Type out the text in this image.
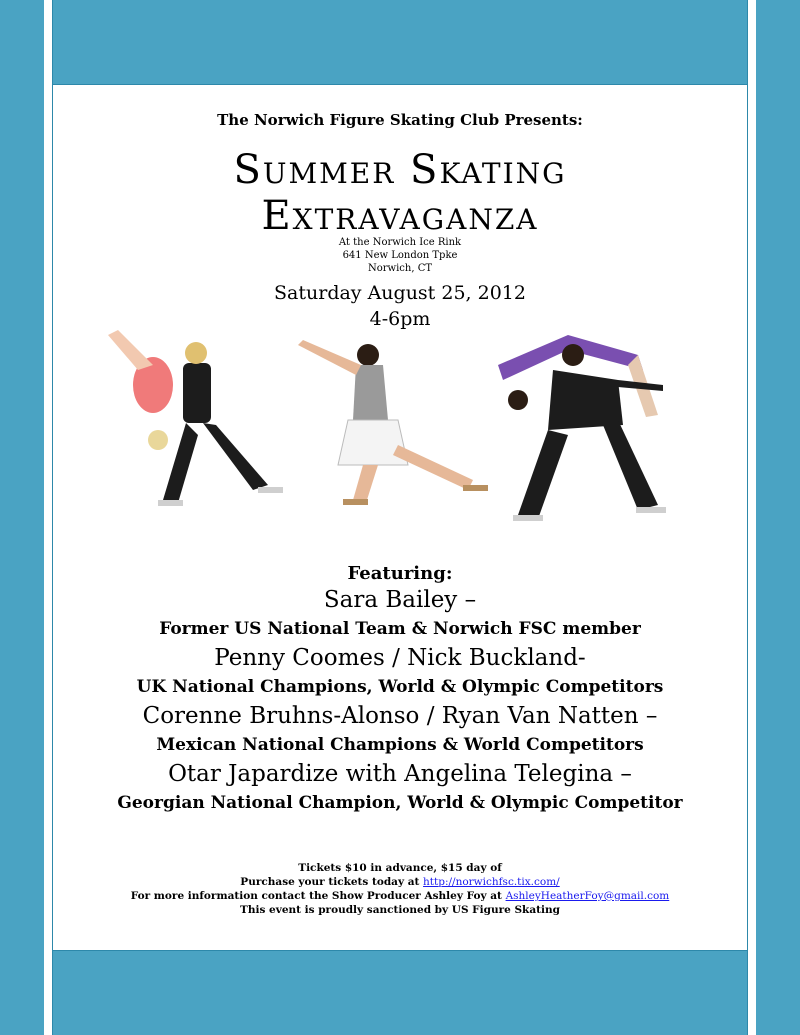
The Norwich Figure Skating Club Presents:
Summer Skating
Extravaganza
At the Norwich Ice Rink
641 New London Tpke
Norwich, CT
Saturday August 25, 2012
4-6pm
Featuring:
Sara Bailey –
Former US National Team & Norwich FSC member
Penny Coomes / Nick Buckland-
UK National Champions, World & Olympic Competitors
Corenne Bruhns-Alonso / Ryan Van Natten –
Mexican National Champions & World Competitors
Otar Japardize with Angelina Telegina –
Georgian National Champion, World & Olympic Competitor
Tickets $10 in advance, $15 day of
Purchase your tickets today at http://norwichfsc.tix.com/
For more information contact the Show Producer Ashley Foy at AshleyHeatherFoy@gmail.com
This event is proudly sanctioned by US Figure Skating
